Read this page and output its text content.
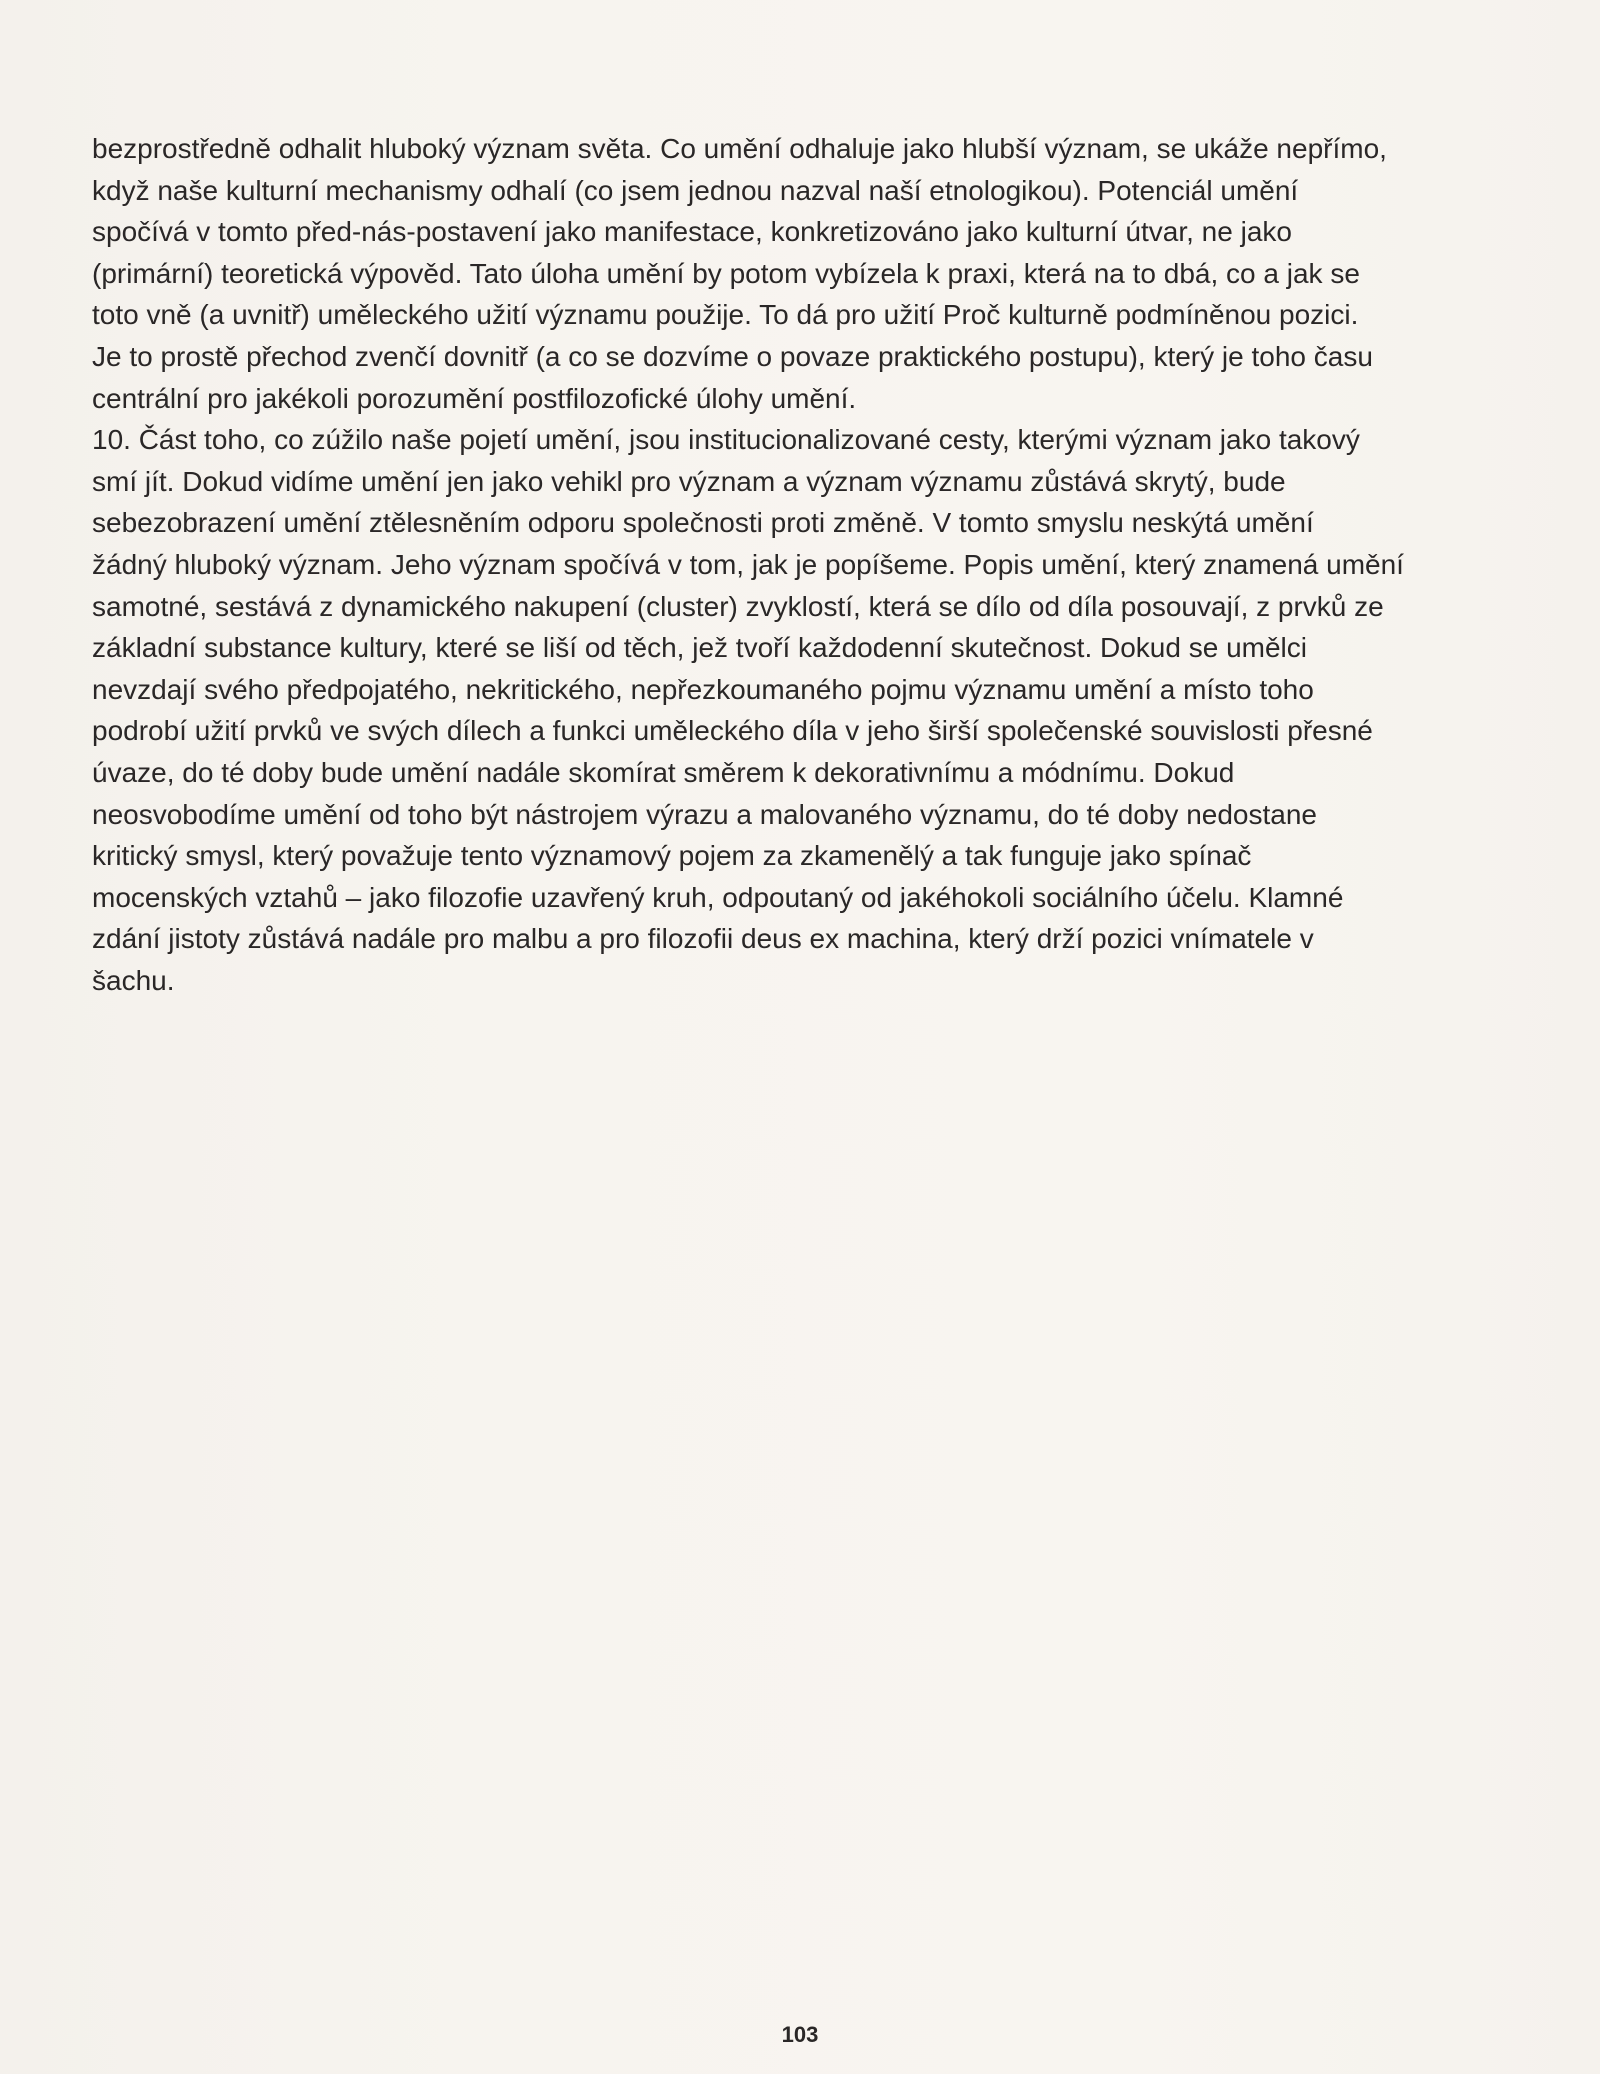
bezprostředně odhalit hluboký význam světa. Co umění odhaluje jako hlubší význam, se ukáže nepřímo,
když naše kulturní mechanismy odhalí (co jsem jednou nazval naší etnologikou). Potenciál umění
spočívá v tomto před-nás-postavení jako manifestace, konkretizováno jako kulturní útvar, ne jako
(primární) teoretická výpověd. Tato úloha umění by potom vybízela k praxi, která na to dbá, co a jak se
toto vně (a uvnitř) uměleckého užití významu použije. To dá pro užití Proč kulturně podmíněnou pozici.
Je to prostě přechod zvenčí dovnitř (a co se dozvíme o povaze praktického postupu), který je toho času
centrální pro jakékoli porozumění postfilozofické úlohy umění.
10. Část toho, co zúžilo naše pojetí umění, jsou institucionalizované cesty, kterými význam jako takový
smí jít. Dokud vidíme umění jen jako vehikl pro význam a význam významu zůstává skrytý, bude
sebezobrazení umění ztělesněním odporu společnosti proti změně. V tomto smyslu neskýtá umění
žádný hluboký význam. Jeho význam spočívá v tom, jak je popíšeme. Popis umění, který znamená umění
samotné, sestává z dynamického nakupení (cluster) zvyklostí, která se dílo od díla posouvají, z prvků ze
základní substance kultury, které se liší od těch, jež tvoří každodenní skutečnost. Dokud se umělci
nevzdají svého předpojatého, nekritického, nepřezkoumaného pojmu významu umění a místo toho
podrobí užití prvků ve svých dílech a funkci uměleckého díla v jeho širší společenské souvislosti přesné
úvaze, do té doby bude umění nadále skomírat směrem k dekorativnímu a módnímu. Dokud
neosvobodíme umění od toho být nástrojem výrazu a malovaného významu, do té doby nedostane
kritický smysl, který považuje tento významový pojem za zkamenělý a tak funguje jako spínač
mocenských vztahů – jako filozofie uzavřený kruh, odpoutaný od jakéhokoli sociálního účelu. Klamné
zdání jistoty zůstává nadále pro malbu a pro filozofii deus ex machina, který drží pozici vnímatele v
šachu.
103
